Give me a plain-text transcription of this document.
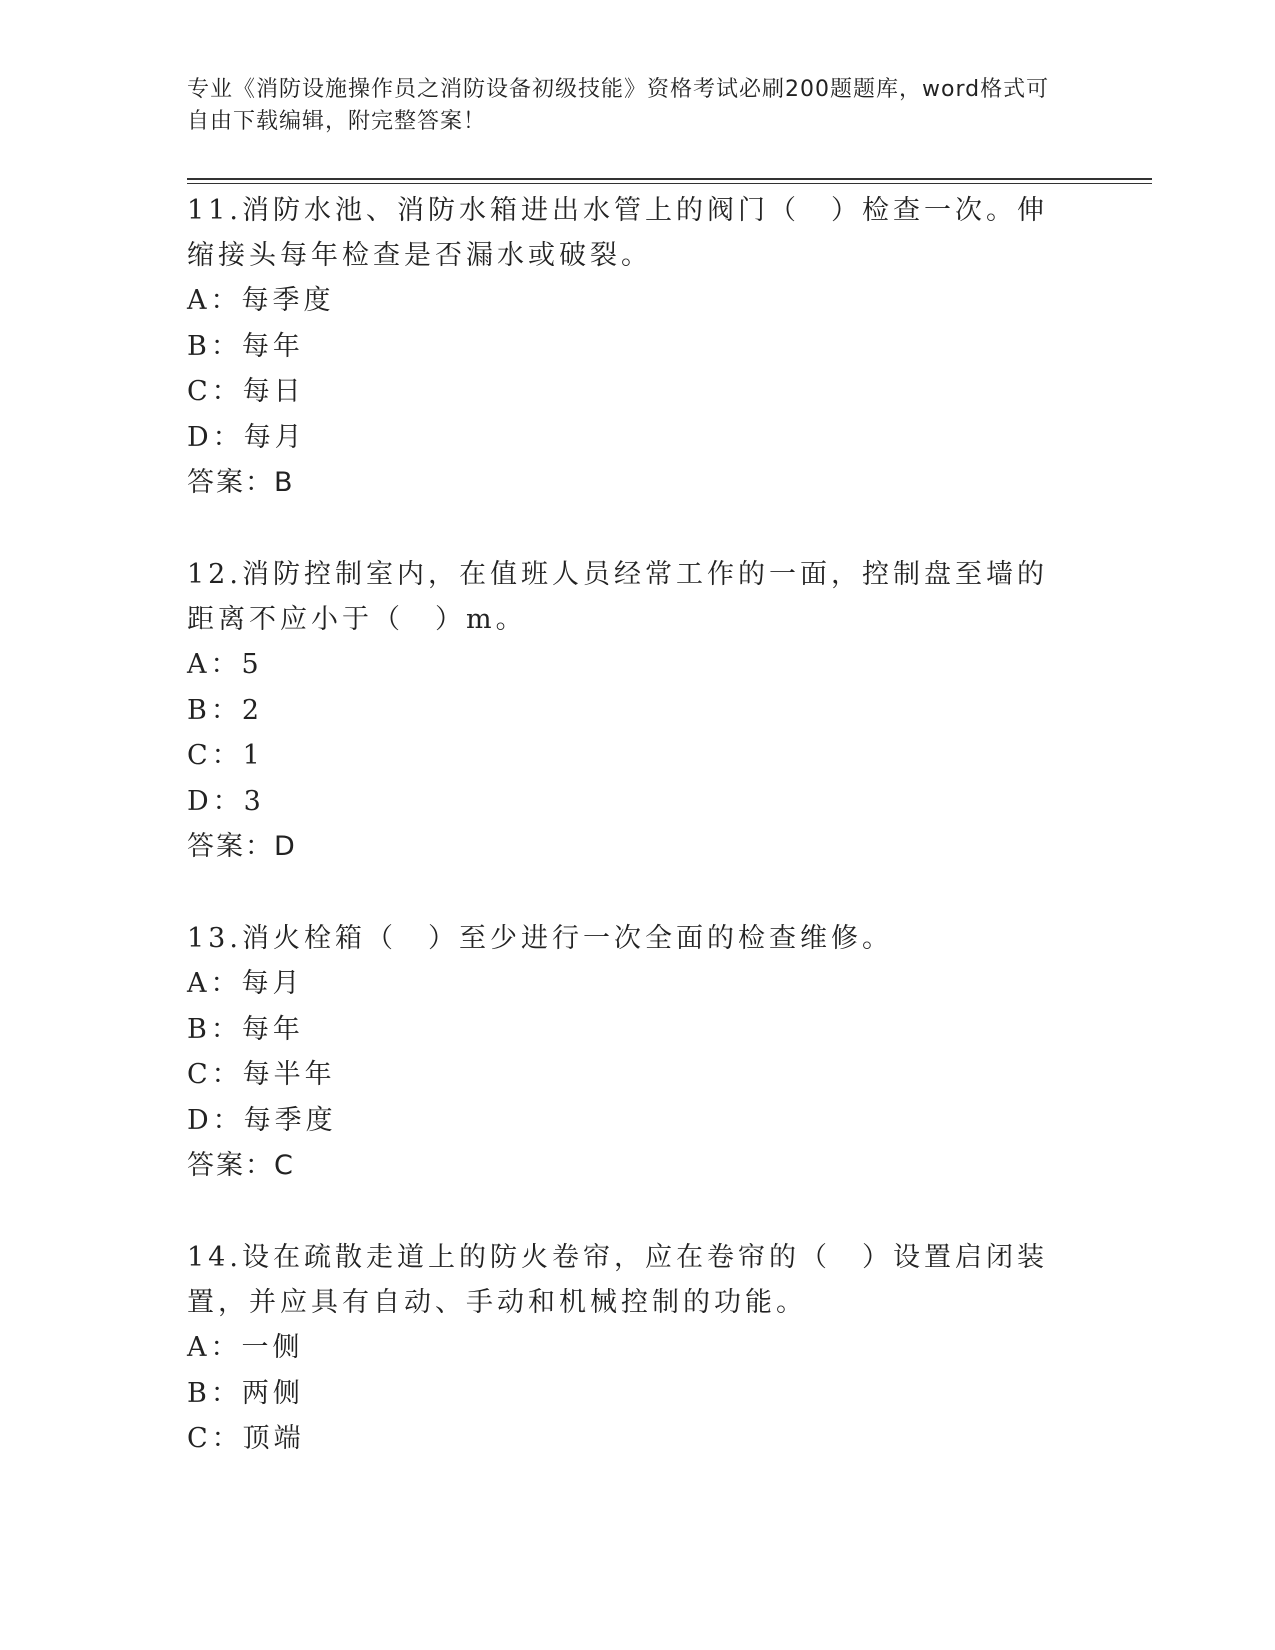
专业《消防设施操作员之消防设备初级技能》资格考试必刷200题题库，word格式可自由下载编辑，附完整答案！

11.消防水池、消防水箱进出水管上的阀门（　）检查一次。伸缩接头每年检查是否漏水或破裂。

A：每季度

B：每年

C：每日

D：每月

答案：B

12.消防控制室内，在值班人员经常工作的一面，控制盘至墙的距离不应小于（　）m。

A：5

B：2

C：1

D：3

答案：D

13.消火栓箱（　）至少进行一次全面的检查维修。

A：每月

B：每年

C：每半年

D：每季度

答案：C

14.设在疏散走道上的防火卷帘，应在卷帘的（　）设置启闭装置，并应具有自动、手动和机械控制的功能。

A：一侧

B：两侧

C：顶端
